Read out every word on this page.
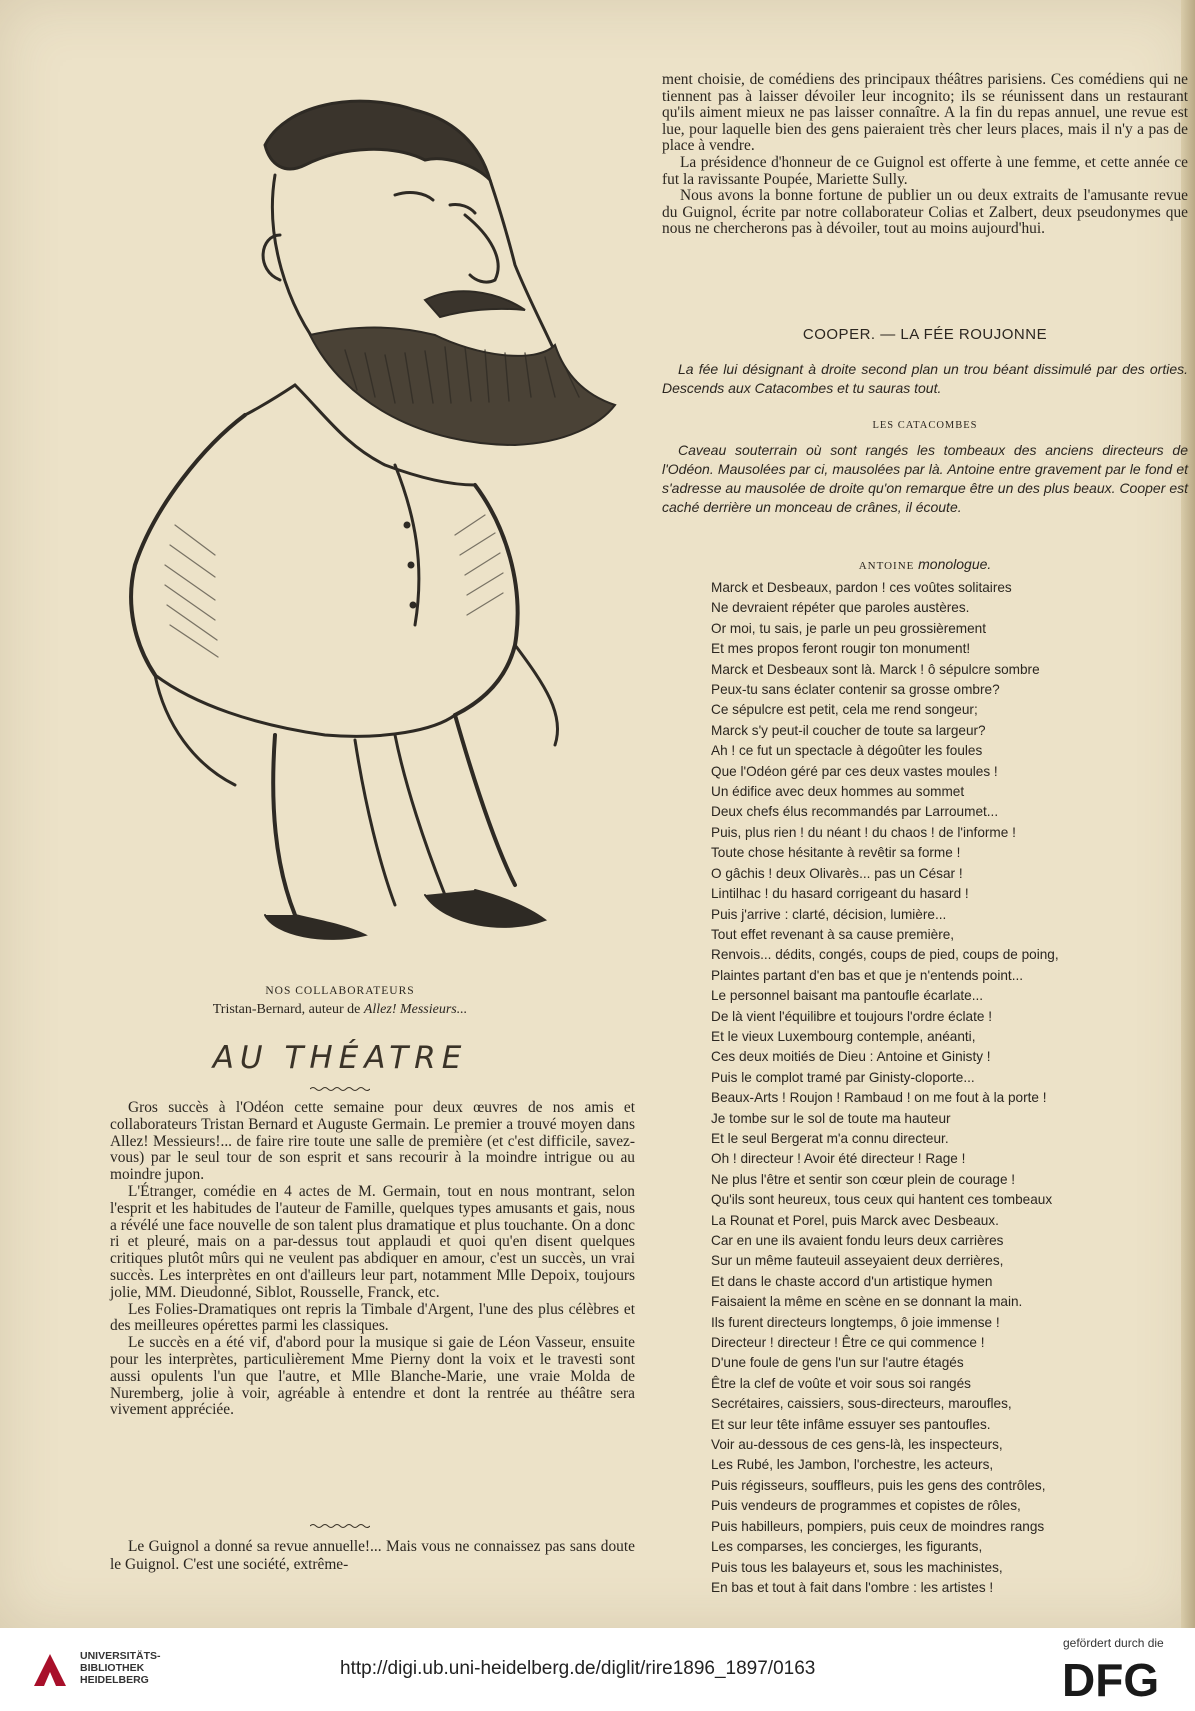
NOS COLLABORATEURS
Tristan-Bernard, auteur de Allez! Messieurs...
AU THÉATRE

Gros succès à l'Odéon cette semaine pour deux œuvres de nos amis et collaborateurs Tristan Bernard et Auguste Germain. Le premier a trouvé moyen dans Allez! Messieurs!... de faire rire toute une salle de première (et c'est difficile, savez-vous) par le seul tour de son esprit et sans recourir à la moindre intrigue ou au moindre jupon.

L'Étranger, comédie en 4 actes de M. Germain, tout en nous montrant, selon l'esprit et les habitudes de l'auteur de Famille, quelques types amusants et gais, nous a révélé une face nouvelle de son talent plus dramatique et plus touchante. On a donc ri et pleuré, mais on a par-dessus tout applaudi et quoi qu'en disent quelques critiques plutôt mûrs qui ne veulent pas abdiquer en amour, c'est un succès, un vrai succès. Les interprètes en ont d'ailleurs leur part, notamment Mlle Depoix, toujours jolie, MM. Dieudonné, Siblot, Rousselle, Franck, etc.

Les Folies-Dramatiques ont repris la Timbale d'Argent, l'une des plus célèbres et des meilleures opérettes parmi les classiques.

Le succès en a été vif, d'abord pour la musique si gaie de Léon Vasseur, ensuite pour les interprètes, particulièrement Mme Pierny dont la voix et le travesti sont aussi opulents l'un que l'autre, et Mlle Blanche-Marie, une vraie Molda de Nuremberg, jolie à voir, agréable à entendre et dont la rentrée au théâtre sera vivement appréciée.

Le Guignol a donné sa revue annuelle!... Mais vous ne connaissez pas sans doute le Guignol. C'est une société, extrême-

ment choisie, de comédiens des principaux théâtres parisiens. Ces comédiens qui ne tiennent pas à laisser dévoiler leur incognito; ils se réunissent dans un restaurant qu'ils aiment mieux ne pas laisser connaître. A la fin du repas annuel, une revue est lue, pour laquelle bien des gens paieraient très cher leurs places, mais il n'y a pas de place à vendre.

La présidence d'honneur de ce Guignol est offerte à une femme, et cette année ce fut la ravissante Poupée, Mariette Sully.

Nous avons la bonne fortune de publier un ou deux extraits de l'amusante revue du Guignol, écrite par notre collaborateur Colias et Zalbert, deux pseudonymes que nous ne chercherons pas à dévoiler, tout au moins aujourd'hui.

COOPER. — LA FÉE ROUJONNE
La fée lui désignant à droite second plan un trou béant dissimulé par des orties. Descends aux Catacombes et tu sauras tout.
LES CATACOMBES
Caveau souterrain où sont rangés les tombeaux des anciens directeurs de l'Odéon. Mausolées par ci, mausolées par là. Antoine entre gravement par le fond et s'adresse au mausolée de droite qu'on remarque être un des plus beaux. Cooper est caché derrière un monceau de crânes, il écoute.
ANTOINE monologue.
Marck et Desbeaux, pardon ! ces voûtes solitaires
Ne devraient répéter que paroles austères.
Or moi, tu sais, je parle un peu grossièrement
Et mes propos feront rougir ton monument!
Marck et Desbeaux sont là. Marck ! ô sépulcre sombre
Peux-tu sans éclater contenir sa grosse ombre?
Ce sépulcre est petit, cela me rend songeur;
Marck s'y peut-il coucher de toute sa largeur?
Ah ! ce fut un spectacle à dégoûter les foules
Que l'Odéon géré par ces deux vastes moules !
Un édifice avec deux hommes au sommet
Deux chefs élus recommandés par Larroumet...
Puis, plus rien ! du néant ! du chaos ! de l'informe !
Toute chose hésitante à revêtir sa forme !
O gâchis ! deux Olivarès... pas un César !
Lintilhac ! du hasard corrigeant du hasard !
Puis j'arrive : clarté, décision, lumière...
Tout effet revenant à sa cause première,
Renvois... dédits, congés, coups de pied, coups de poing,
Plaintes partant d'en bas et que je n'entends point...
Le personnel baisant ma pantoufle écarlate...
De là vient l'équilibre et toujours l'ordre éclate !
Et le vieux Luxembourg contemple, anéanti,
Ces deux moitiés de Dieu : Antoine et Ginisty !
Puis le complot tramé par Ginisty-cloporte...
Beaux-Arts ! Roujon ! Rambaud ! on me fout à la porte !
Je tombe sur le sol de toute ma hauteur
Et le seul Bergerat m'a connu directeur.
Oh ! directeur ! Avoir été directeur ! Rage !
Ne plus l'être et sentir son cœur plein de courage !
Qu'ils sont heureux, tous ceux qui hantent ces tombeaux
La Rounat et Porel, puis Marck avec Desbeaux.
Car en une ils avaient fondu leurs deux carrières
Sur un même fauteuil asseyaient deux derrières,
Et dans le chaste accord d'un artistique hymen
Faisaient la même en scène en se donnant la main.
Ils furent directeurs longtemps, ô joie immense !
Directeur ! directeur ! Être ce qui commence !
D'une foule de gens l'un sur l'autre étagés
Être la clef de voûte et voir sous soi rangés
Secrétaires, caissiers, sous-directeurs, maroufles,
Et sur leur tête infâme essuyer ses pantoufles.
Voir au-dessous de ces gens-là, les inspecteurs,
Les Rubé, les Jambon, l'orchestre, les acteurs,
Puis régisseurs, souffleurs, puis les gens des contrôles,
Puis vendeurs de programmes et copistes de rôles,
Puis habilleurs, pompiers, puis ceux de moindres rangs
Les comparses, les concierges, les figurants,
Puis tous les balayeurs et, sous les machinistes,
En bas et tout à fait dans l'ombre : les artistes !
UNIVERSITÄTS-
BIBLIOTHEK
HEIDELBERG
http://digi.ub.uni-heidelberg.de/diglit/rire1896_1897/0163
gefördert durch die
DFG
